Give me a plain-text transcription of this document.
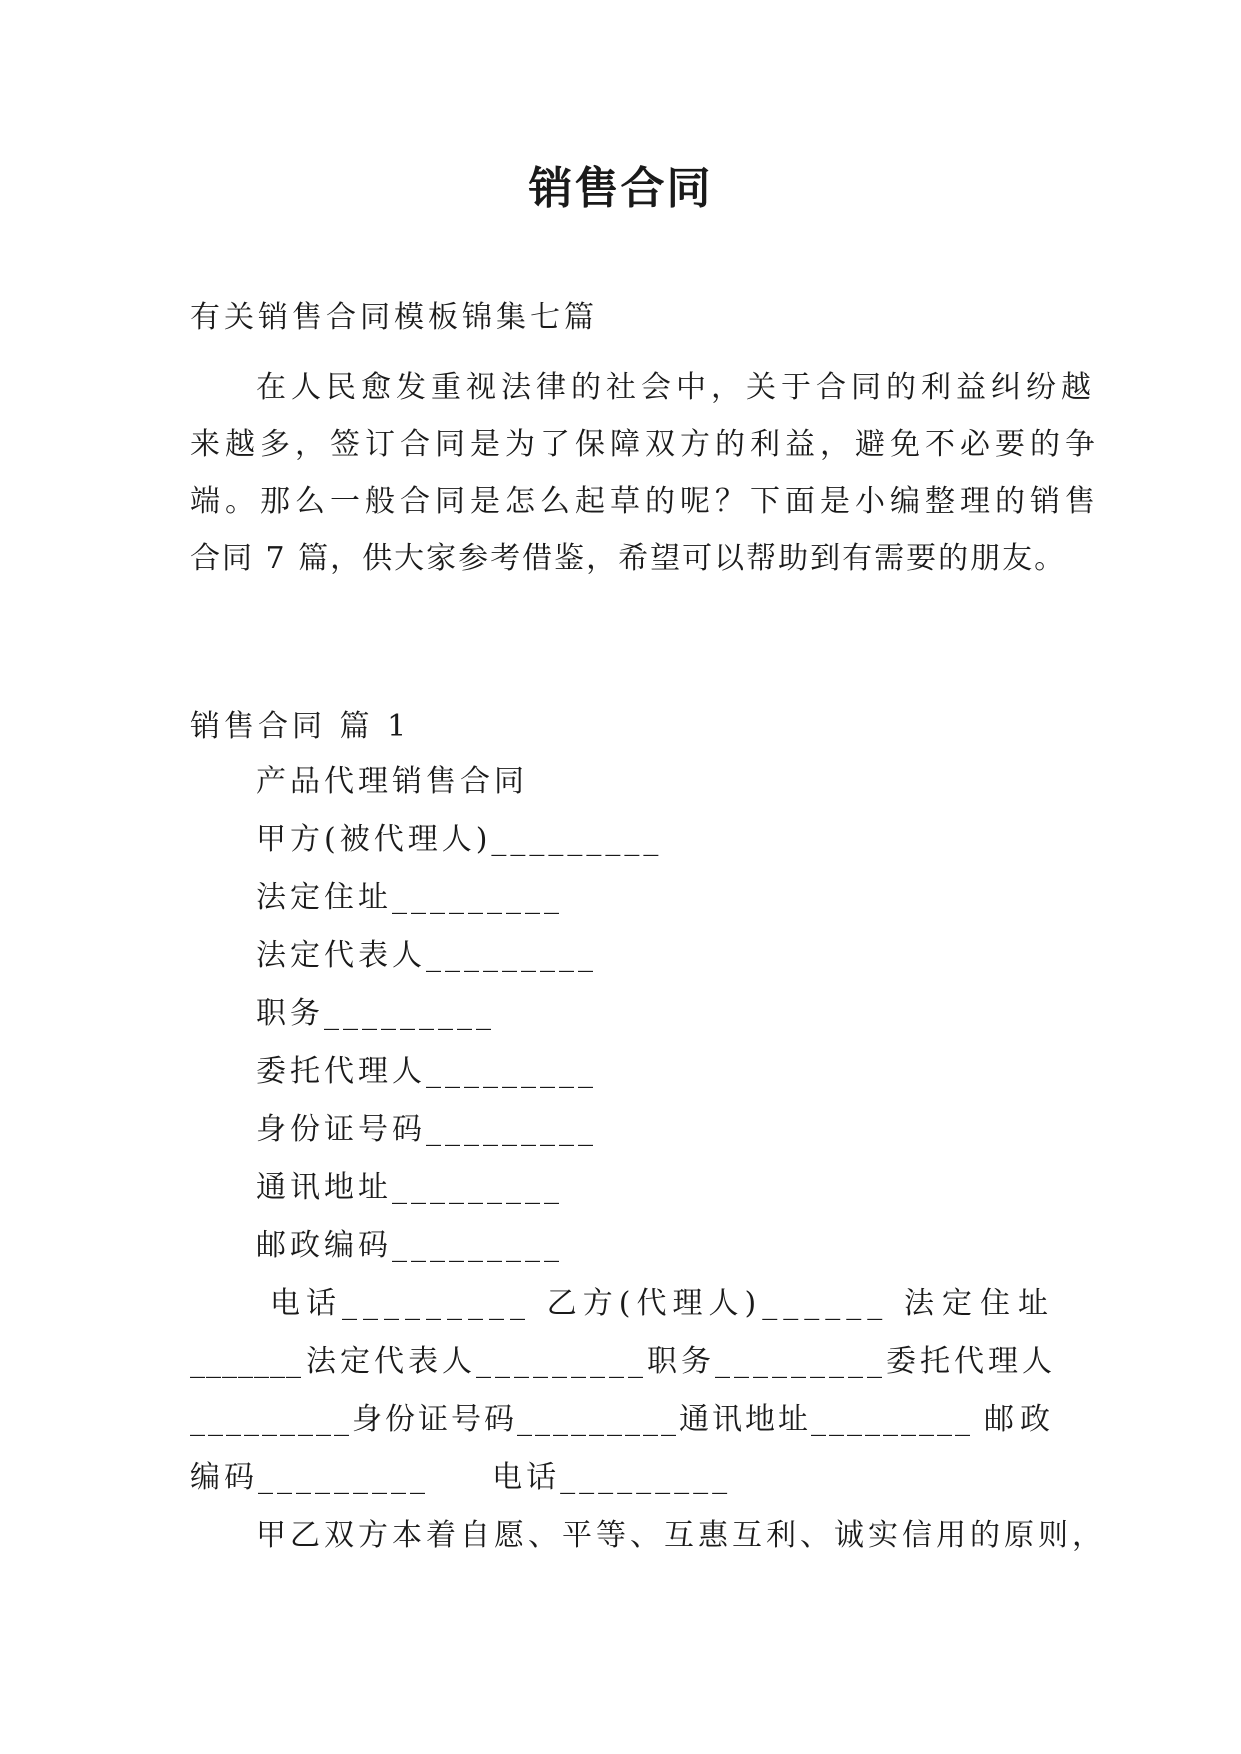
销售合同
有关销售合同模板锦集七篇
在人民愈发重视法律的社会中，关于合同的利益纠纷越
来越多，签订合同是为了保障双方的利益，避免不必要的争
端。那么一般合同是怎么起草的呢？下面是小编整理的销售
合同 7 篇，供大家参考借鉴，希望可以帮助到有需要的朋友。
销售合同 篇 1
产品代理销售合同
甲方(被代理人)_________
法定住址_________
法定代表人_________
职务_________
委托代理人_________
身份证号码_________
通讯地址_________
邮政编码_________
电话_________ 乙方(代理人)______ 法定住址
_______ 法定代表人_________职务_________委托代理人
_________身份证号码_________通讯地址_________ 邮政
编码_________ 电话_________
甲乙双方本着自愿、平等、互惠互利、诚实信用的原则，
